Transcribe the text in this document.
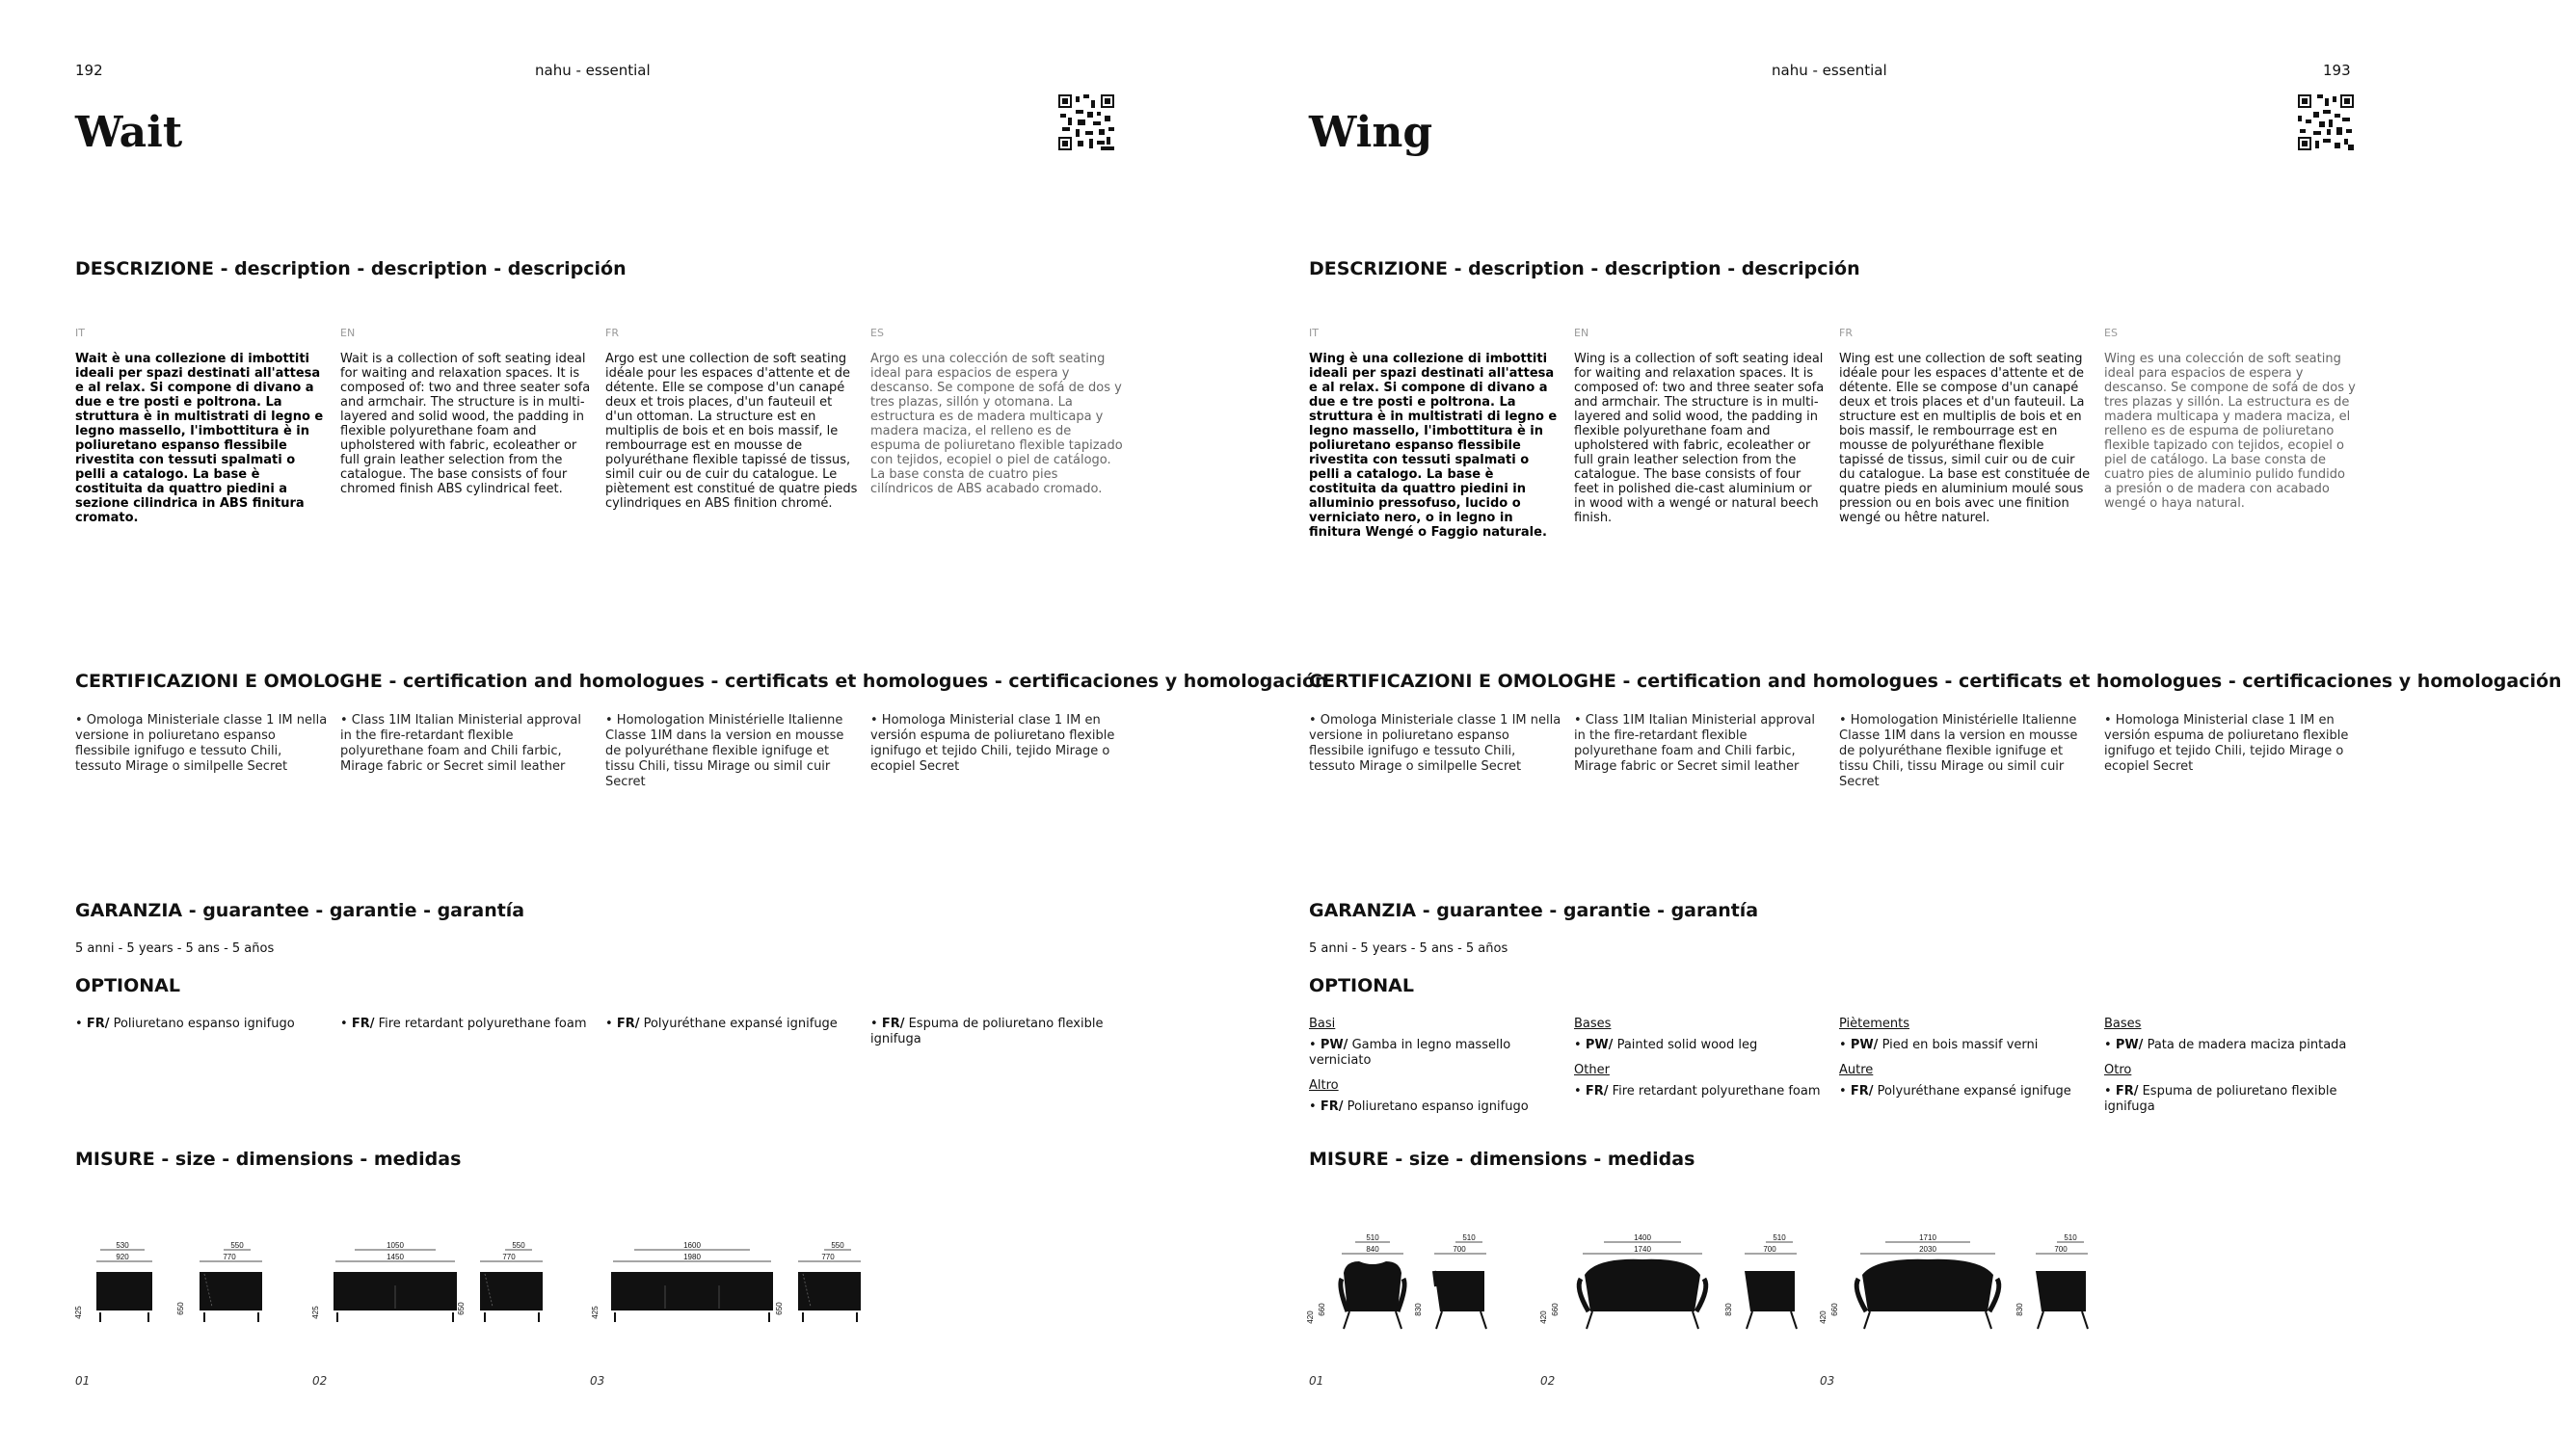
192	nahu - essential
Wait
DESCRIZIONE - description - description - descripción
IT
Wait è una collezione di imbottiti ideali per spazi destinati all'attesa e al relax. Si compone di divano a due e tre posti e poltrona. La struttura è in multistrati di legno e legno massello, l'imbottitura è in poliuretano espanso flessibile rivestita con tessuti spalmati o pelli a catalogo. La base è costituita da quattro piedini a sezione cilindrica in ABS finitura cromato.
EN
Wait is a collection of soft seating ideal for waiting and relaxation spaces. It is composed of: two and three seater sofa and armchair. The structure is in multi-layered and solid wood, the padding in flexible polyurethane foam and upholstered with fabric, ecoleather or full grain leather selection from the catalogue. The base consists of four chromed finish ABS cylindrical feet.
FR
Argo est une collection de soft seating idéale pour les espaces d'attente et de détente. Elle se compose d'un canapé deux et trois places, d'un fauteuil et d'un ottoman. La structure est en multiplis de bois et en bois massif, le rembourrage est en mousse de polyuréthane flexible tapissé de tissus, simil cuir ou de cuir du catalogue. Le piètement est constitué de quatre pieds cylindriques en ABS finition chromé.
ES
Argo es una colección de soft seating ideal para espacios de espera y descanso. Se compone de sofá de dos y tres plazas, sillón y otomana. La estructura es de madera multicapa y madera maciza, el relleno es de espuma de poliuretano flexible tapizado con tejidos, ecopiel o piel de catálogo. La base consta de cuatro pies cilíndricos de ABS acabado cromado.
CERTIFICAZIONI E OMOLOGHE - certification and homologues - certificats et homologues - certificaciones y homologación
• Omologa Ministeriale classe 1 IM nella versione in poliuretano espanso flessibile ignifugo e tessuto Chili, tessuto Mirage o similpelle Secret
• Class 1IM Italian Ministerial approval in the fire-retardant flexible polyurethane foam and Chili farbic, Mirage fabric or Secret simil leather
• Homologation Ministérielle Italienne Classe 1IM dans la version en mousse de polyuréthane flexible ignifuge et tissu Chili, tissu Mirage ou simil cuir Secret
• Homologa Ministerial clase 1 IM en versión espuma de poliuretano flexible ignifugo et tejido Chili, tejido Mirage o ecopiel Secret
GARANZIA - guarantee - garantie - garantía
5 anni - 5 years - 5 ans - 5 años
OPTIONAL
• FR/ Poliuretano espanso ignifugo	• FR/ Fire retardant polyurethane foam	• FR/ Polyuréthane expansé ignifuge	• FR/ Espuma de poliuretano flexible ignifuga
MISURE - size - dimensions - medidas
530
920
550
770
425	650
01
1050
1450
550
770
425	650
02
1600
1980
550
770
425	650
03
193
nahu - essential
Wing
DESCRIZIONE - description - description - descripción
IT
Wing è una collezione di imbottiti ideali per spazi destinati all'attesa e al relax. Si compone di divano a due e tre posti e poltrona. La struttura è in multistrati di legno e legno massello, l'imbottitura è in poliuretano espanso flessibile rivestita con tessuti spalmati o pelli a catalogo. La base è costituita da quattro piedini in alluminio pressofuso, lucido o verniciato nero, o in legno in finitura Wengé o Faggio naturale.
EN
Wing is a collection of soft seating ideal for waiting and relaxation spaces. It is composed of: two and three seater sofa and armchair. The structure is in multi-layered and solid wood, the padding in flexible polyurethane foam and upholstered with fabric, ecoleather or full grain leather selection from the catalogue. The base consists of four feet in polished die-cast aluminium or in wood with a wengé or natural beech finish.
FR
Wing est une collection de soft seating idéale pour les espaces d'attente et de détente. Elle se compose d'un canapé deux et trois places et d'un fauteuil. La structure est en multiplis de bois et en bois massif, le rembourrage est en mousse de polyuréthane flexible tapissé de tissus, simil cuir ou de cuir du catalogue. La base est constituée de quatre pieds en aluminium moulé sous pression ou en bois avec une finition wengé ou hêtre naturel.
ES
Wing es una colección de soft seating ideal para espacios de espera y descanso. Se compone de sofá de dos y tres plazas y sillón. La estructura es de madera multicapa y madera maciza, el relleno es de espuma de poliuretano flexible tapizado con tejidos, ecopiel o piel de catálogo. La base consta de cuatro pies de aluminio pulido fundido a presión o de madera con acabado wengé o haya natural.
CERTIFICAZIONI E OMOLOGHE - certification and homologues - certificats et homologues - certificaciones y homologación
• Omologa Ministeriale classe 1 IM nella versione in poliuretano espanso flessibile ignifugo e tessuto Chili, tessuto Mirage o similpelle Secret
• Class 1IM Italian Ministerial approval in the fire-retardant flexible polyurethane foam and Chili farbic, Mirage fabric or Secret simil leather
• Homologation Ministérielle Italienne Classe 1IM dans la version en mousse de polyuréthane flexible ignifuge et tissu Chili, tissu Mirage ou simil cuir Secret
• Homologa Ministerial clase 1 IM en versión espuma de poliuretano flexible ignifugo et tejido Chili, tejido Mirage o ecopiel Secret
GARANZIA - guarantee - garantie - garantía
5 anni - 5 years - 5 ans - 5 años
OPTIONAL
Basi
• PW/ Gamba in legno massello verniciato
Altro
• FR/ Poliuretano espanso ignifugo
Bases
• PW/ Painted solid wood leg
Other
• FR/ Fire retardant polyurethane foam
Piètements
• PW/ Pied en bois massif verni
Autre
• FR/ Polyuréthane expansé ignifuge
Bases
• PW/ Pata de madera maciza pintada
Otro
• FR/ Espuma de poliuretano flexible ignifuga
MISURE - size - dimensions - medidas
510
840
510
700
420
660	830
01
1400
1740
510
700
420
660	830
02
1710
2030
510
700
420
660	830
03
